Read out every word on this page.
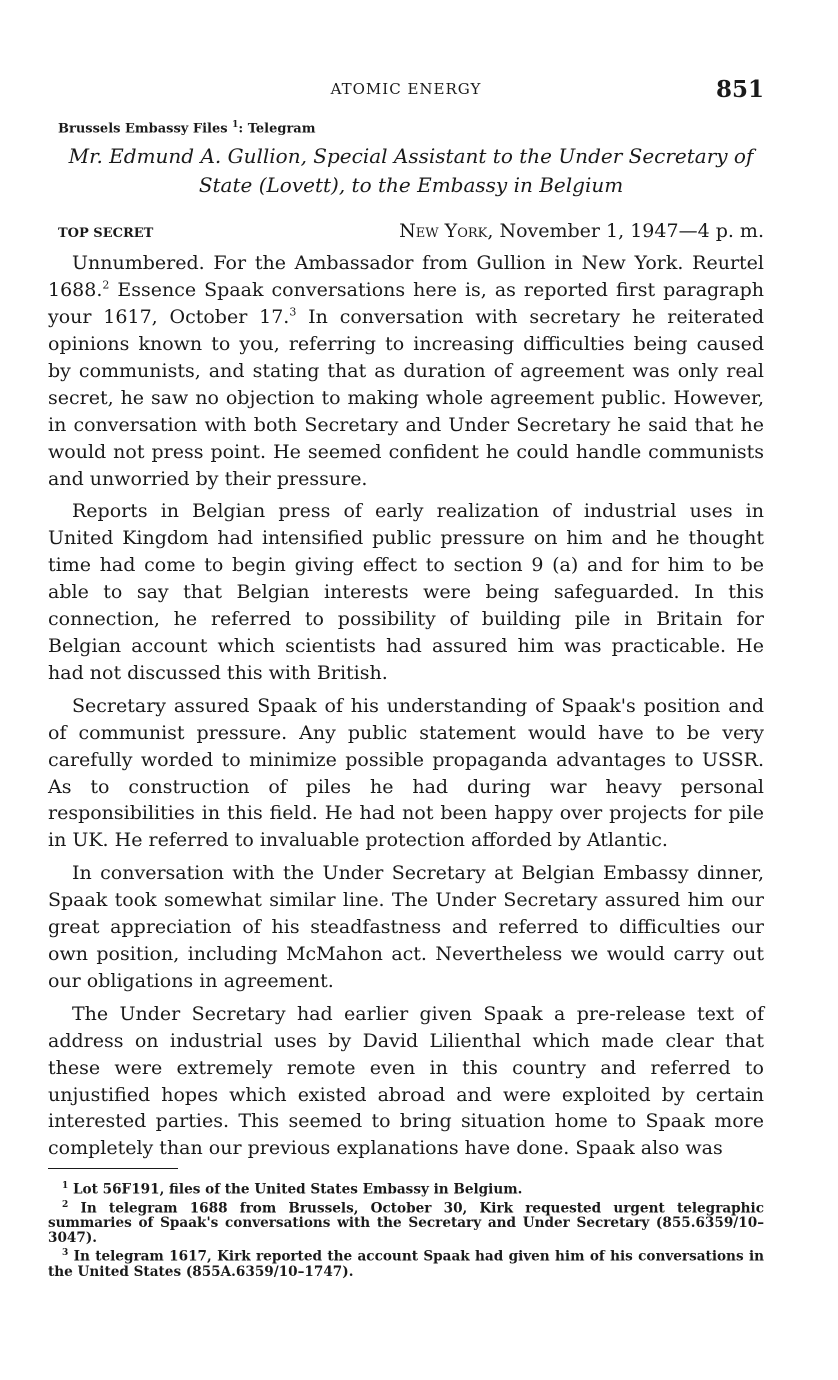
ATOMIC ENERGY	851
Brussels Embassy Files $^1$: Telegram
Mr. Edmund A. Gullion, Special Assistant to the Under Secretary of State (Lovett), to the Embassy in Belgium
TOP SECRET	New York, November 1, 1947—4 p. m.

Unnumbered. For the Ambassador from Gullion in New York. Reurtel 1688.$^2$ Essence Spaak conversations here is, as reported first paragraph your 1617, October 17.$^3$ In conversation with secretary he reiterated opinions known to you, referring to increasing difficulties being caused by communists, and stating that as duration of agreement was only real secret, he saw no objection to making whole agreement public. However, in conversation with both Secretary and Under Secretary he said that he would not press point. He seemed confident he could handle communists and unworried by their pressure.

Reports in Belgian press of early realization of industrial uses in United Kingdom had intensified public pressure on him and he thought time had come to begin giving effect to section 9 (a) and for him to be able to say that Belgian interests were being safeguarded. In this connection, he referred to possibility of building pile in Britain for Belgian account which scientists had assured him was practicable. He had not discussed this with British.

Secretary assured Spaak of his understanding of Spaak's position and of communist pressure. Any public statement would have to be very carefully worded to minimize possible propaganda advantages to USSR. As to construction of piles he had during war heavy personal responsibilities in this field. He had not been happy over projects for pile in UK. He referred to invaluable protection afforded by Atlantic.

In conversation with the Under Secretary at Belgian Embassy dinner, Spaak took somewhat similar line. The Under Secretary assured him our great appreciation of his steadfastness and referred to difficulties our own position, including McMahon act. Nevertheless we would carry out our obligations in agreement.

The Under Secretary had earlier given Spaak a pre-release text of address on industrial uses by David Lilienthal which made clear that these were extremely remote even in this country and referred to unjustified hopes which existed abroad and were exploited by certain interested parties. This seemed to bring situation home to Spaak more completely than our previous explanations have done. Spaak also was

$^1$ Lot 56F191, files of the United States Embassy in Belgium.

$^2$ In telegram 1688 from Brussels, October 30, Kirk requested urgent telegraphic summaries of Spaak's conversations with the Secretary and Under Secretary (855.6359/10–3047).

$^3$ In telegram 1617, Kirk reported the account Spaak had given him of his conversations in the United States (855A.6359/10–1747).
